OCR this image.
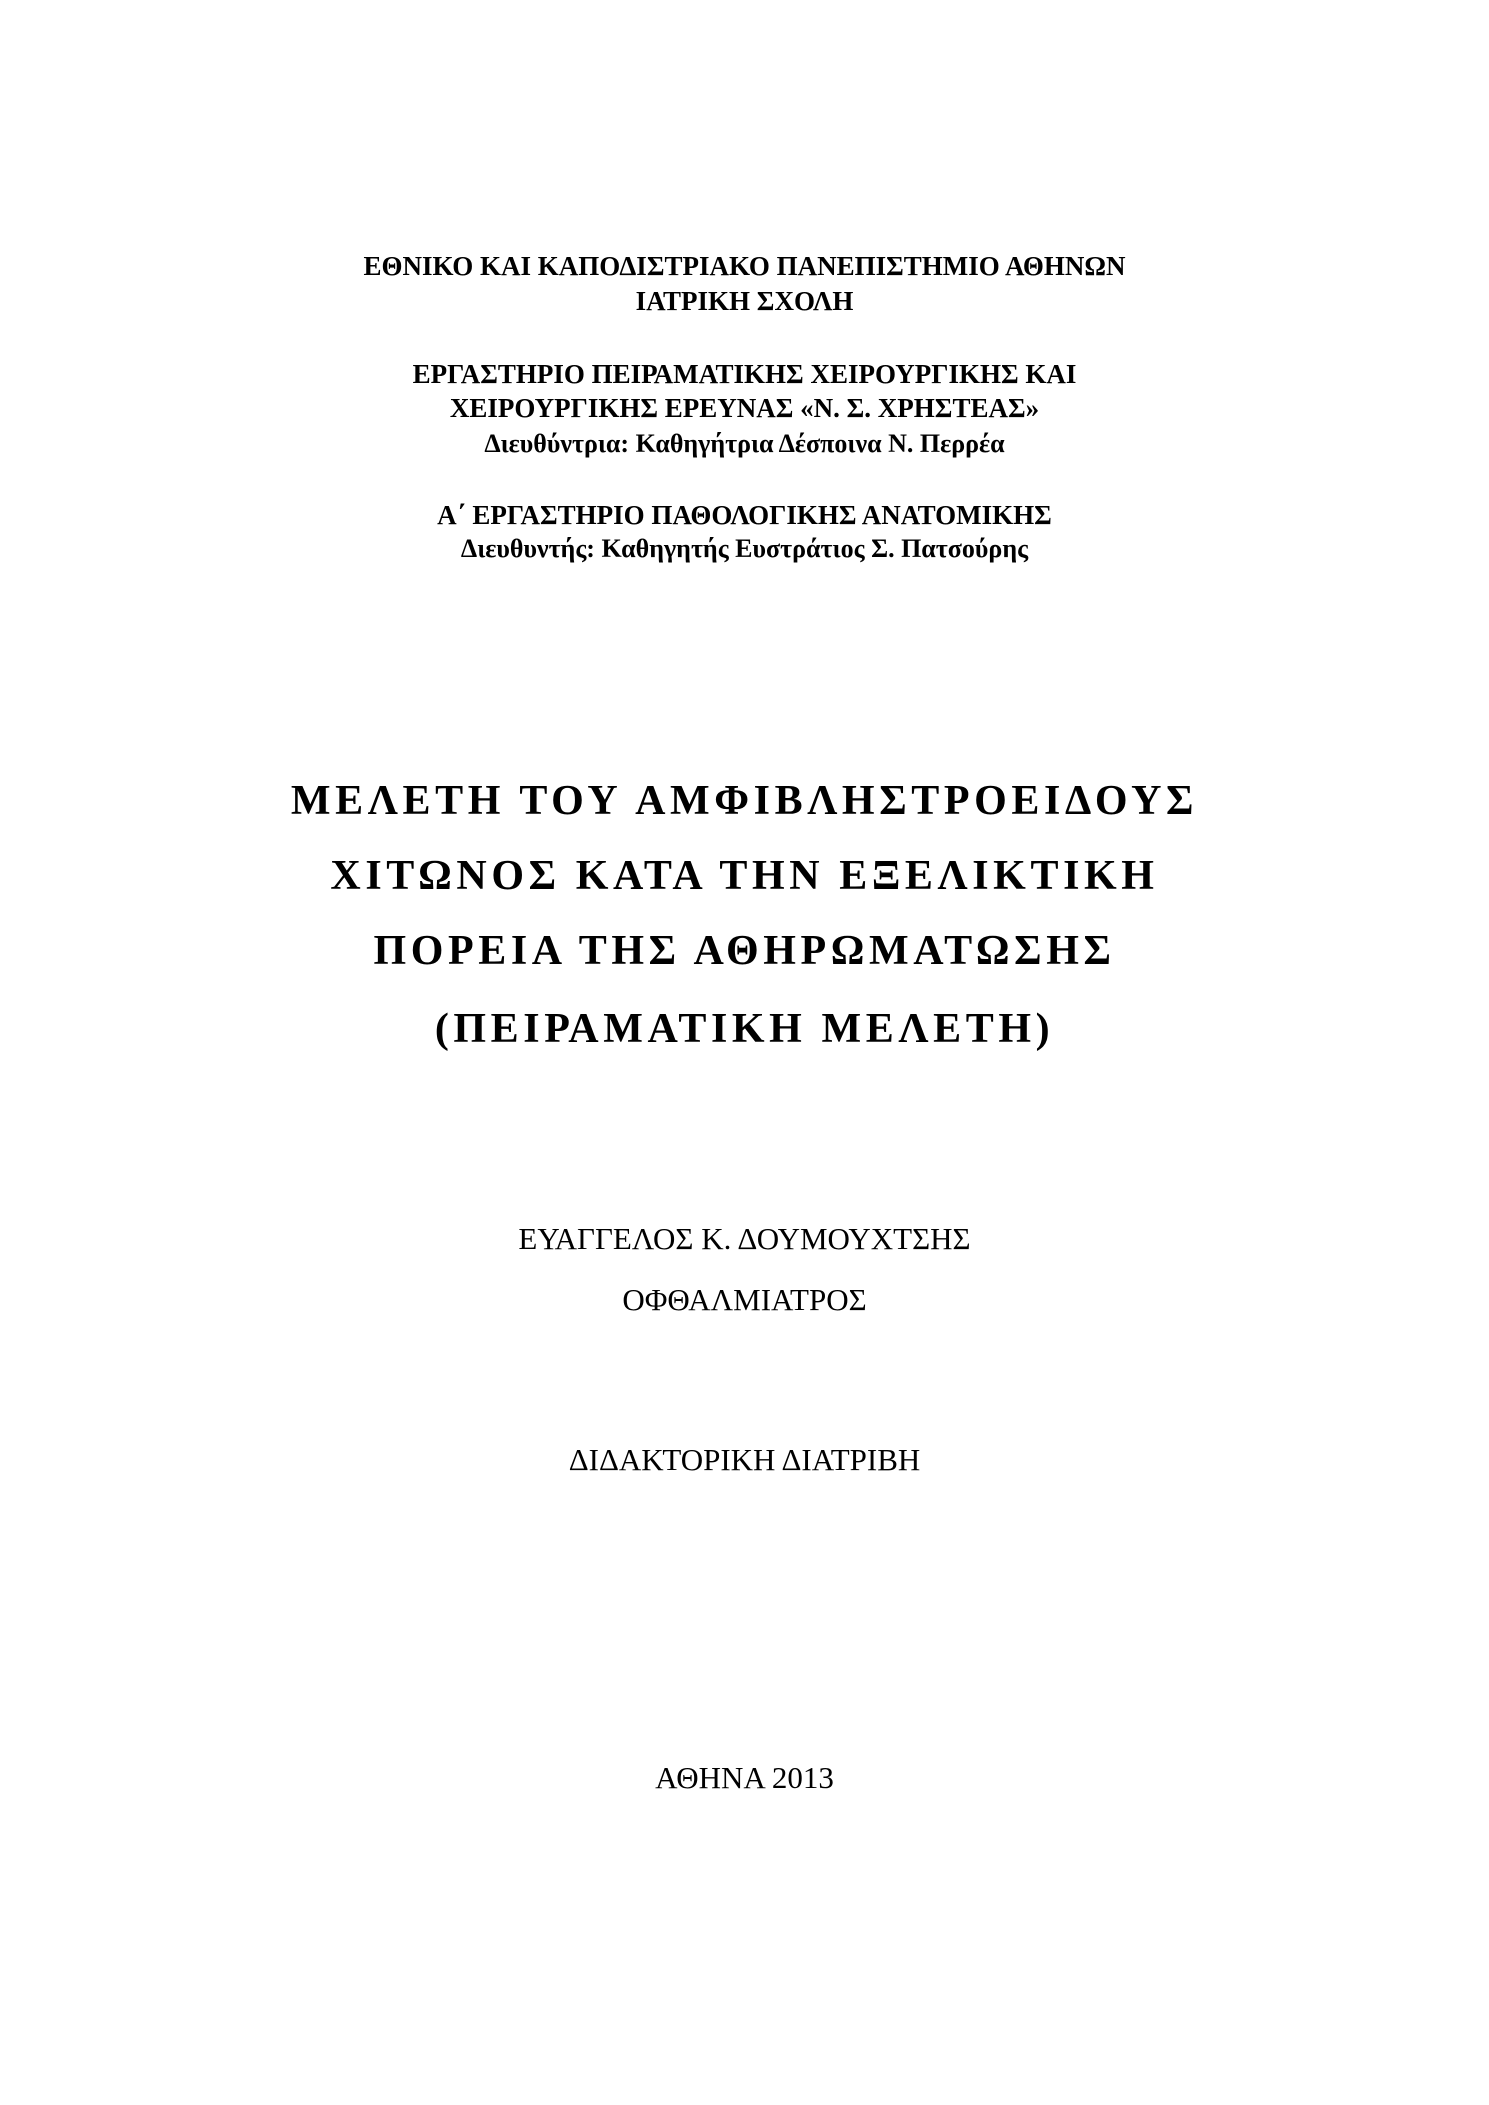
ΕΘΝΙΚΟ ΚΑΙ ΚΑΠΟΔΙΣΤΡΙΑΚΟ ΠΑΝΕΠΙΣΤΗΜΙΟ ΑΘΗΝΩΝ

ΙΑΤΡΙΚΗ ΣΧΟΛΗ

ΕΡΓΑΣΤΗΡΙΟ ΠΕΙΡΑΜΑΤΙΚΗΣ ΧΕΙΡΟΥΡΓΙΚΗΣ ΚΑΙ

ΧΕΙΡΟΥΡΓΙΚΗΣ ΕΡΕΥΝΑΣ «Ν. Σ. ΧΡΗΣΤΕΑΣ»

Διευθύντρια: Καθηγήτρια Δέσποινα Ν. Περρέα

Α΄ ΕΡΓΑΣΤΗΡΙΟ ΠΑΘΟΛΟΓΙΚΗΣ ΑΝΑΤΟΜΙΚΗΣ

Διευθυντής: Καθηγητής Ευστράτιος Σ. Πατσούρης

ΜΕΛΕΤΗ ΤΟΥ ΑΜΦΙΒΛΗΣΤΡΟΕΙΔΟΥΣ

ΧΙΤΩΝΟΣ ΚΑΤΑ ΤΗΝ ΕΞΕΛΙΚΤΙΚΗ

ΠΟΡΕΙΑ ΤΗΣ ΑΘΗΡΩΜΑΤΩΣΗΣ

(ΠΕΙΡΑΜΑΤΙΚΗ ΜΕΛΕΤΗ)

ΕΥΑΓΓΕΛΟΣ Κ. ΔΟΥΜΟΥΧΤΣΗΣ

ΟΦΘΑΛΜΙΑΤΡΟΣ

ΔΙΔΑΚΤΟΡΙΚΗ ΔΙΑΤΡΙΒΗ

ΑΘΗΝΑ 2013
